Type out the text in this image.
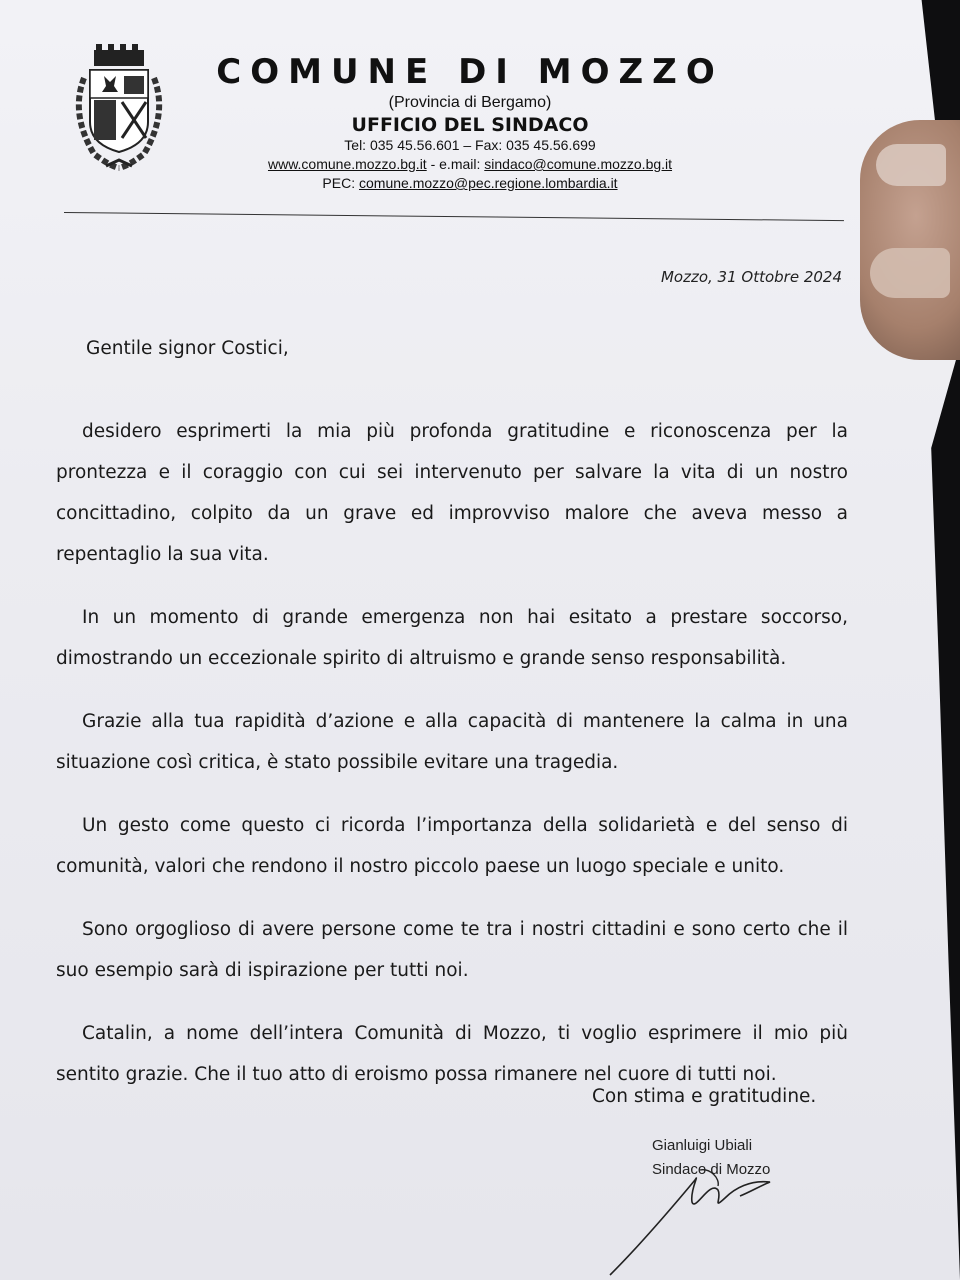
COMUNE DI MOZZO
(Provincia di Bergamo)
UFFICIO DEL SINDACO
Tel: 035 45.56.601 – Fax: 035 45.56.699
www.comune.mozzo.bg.it - e.mail: sindaco@comune.mozzo.bg.it
PEC: comune.mozzo@pec.regione.lombardia.it
Mozzo, 31 Ottobre 2024

Gentile signor Costici,

desidero esprimerti la mia più profonda gratitudine e riconoscenza per la prontezza e il coraggio con cui sei intervenuto per salvare la vita di un nostro concittadino, colpito da un grave ed improvviso malore che aveva messo a repentaglio la sua vita.

In un momento di grande emergenza non hai esitato a prestare soccorso, dimostrando un eccezionale spirito di altruismo e grande senso responsabilità.

Grazie alla tua rapidità d’azione e alla capacità di mantenere la calma in una situazione così critica, è stato possibile evitare una tragedia.

Un gesto come questo ci ricorda l’importanza della solidarietà e del senso di comunità, valori che rendono il nostro piccolo paese un luogo speciale e unito.

Sono orgoglioso di avere persone come te tra i nostri cittadini e sono certo che il suo esempio sarà di ispirazione per tutti noi.

Catalin, a nome dell’intera Comunità di Mozzo, ti voglio esprimere il mio più sentito grazie. Che il tuo atto di eroismo possa rimanere nel cuore di tutti noi.

Con stima e gratitudine.
Gianluigi Ubiali
Sindaco di Mozzo
